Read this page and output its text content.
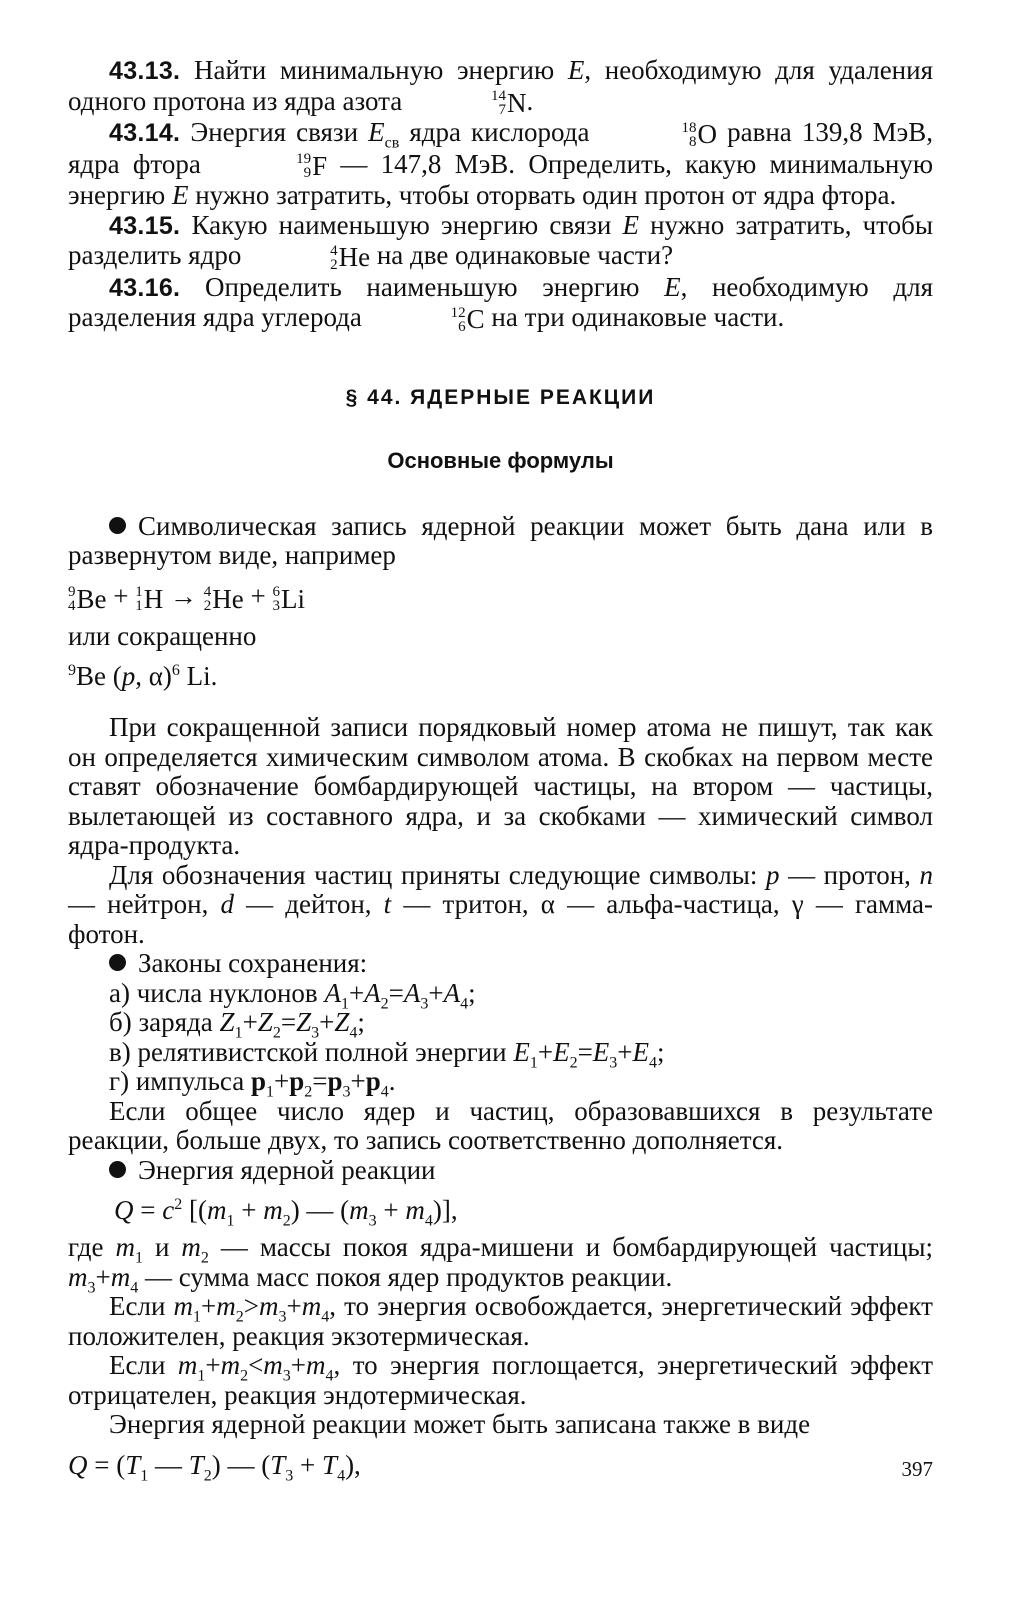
43.13. Найти минимальную энергию E, необходимую для удаления одного протона из ядра азота	14
7 N.

43.14. Энергия связи $E_{св}$ ядра кислорода	18
8 O равна 139,8 МэВ, ядра фтора	19
9 F — 147,8 МэВ. Определить, какую минимальную энергию E нужно затратить, чтобы оторвать один протон от ядра фтора.

43.15. Какую наименьшую энергию связи E нужно затратить, чтобы разделить ядро	4
2 He на две одинаковые части?

43.16. Определить наименьшую энергию E, необходимую для разделения ядра углерода	12
6 C на три одинаковые части.

§ 44. ЯДЕРНЫЕ РЕАКЦИИ
Основные формулы

Символическая запись ядерной реакции может быть дана или в развернутом виде, например

9
4 Be + 1
1 H → 4
2 He + 6
3 Li

или сокращенно

$^9$Be (p, α)$^6$ Li.

При сокращенной записи порядковый номер атома не пишут, так как он определяется химическим символом атома. В скобках на первом месте ставят обозначение бомбардирующей частицы, на втором — частицы, вылетающей из составного ядра, и за скобками — химический символ ядра-продукта.

Для обозначения частиц приняты следующие символы: p — протон, n — нейтрон, d — дейтон, t — тритон, α — альфа-частица, γ — гамма-фотон.

Законы сохранения:

а) числа нуклонов $A_1+A_2=A_3+A_4$;

б) заряда $Z_1+Z_2=Z_3+Z_4$;

в) релятивистской полной энергии $E_1+E_2=E_3+E_4$;

г) импульса $p_1+p_2=p_3+p_4$.

Если общее число ядер и частиц, образовавшихся в результате реакции, больше двух, то запись соответственно дополняется.

Энергия ядерной реакции

$Q = c^2$ [$(m_1 + m_2)$ — $(m_3 + m_4)$],

где $m_1$ и $m_2$ — массы покоя ядра-мишени и бомбардирующей частицы; $m_3+m_4$ — сумма масс покоя ядер продуктов реакции.

Если $m_1+m_2>m_3+m_4$, то энергия освобождается, энергетический эффект положителен, реакция экзотермическая.

Если $m_1+m_2<m_3+m_4$, то энергия поглощается, энергетический эффект отрицателен, реакция эндотермическая.

Энергия ядерной реакции может быть записана также в виде

$Q = (T_1$ — $T_2$) — $(T_3 + T_4)$,	397
